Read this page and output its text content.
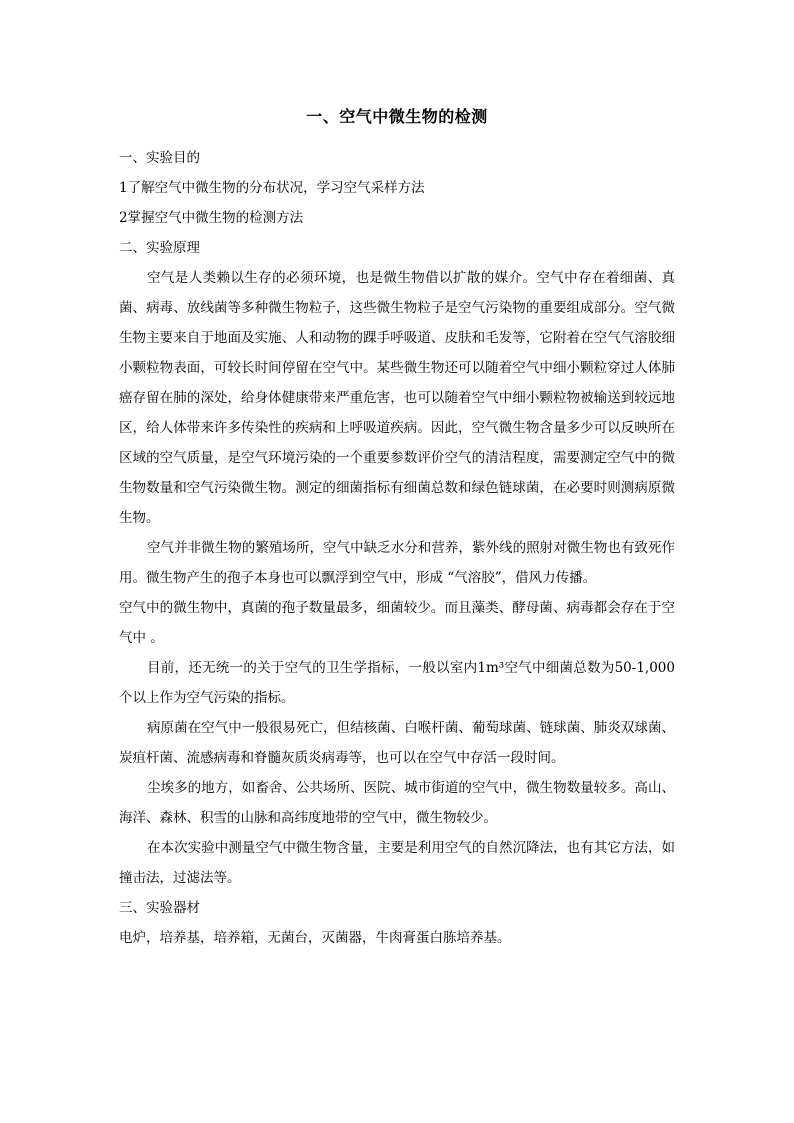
一、空气中微生物的检测

一、实验目的

1了解空气中微生物的分布状况，学习空气采样方法

2掌握空气中微生物的检测方法

二、实验原理

空气是人类赖以生存的必须环境，也是微生物借以扩散的媒介。空气中存在着细菌、真菌、病毒、放线菌等多种微生物粒子，这些微生物粒子是空气污染物的重要组成部分。空气微生物主要来自于地面及实施、人和动物的踝手呼吸道、皮肤和毛发等，它附着在空气气溶胶细小颗粒物表面，可较长时间停留在空气中。某些微生物还可以随着空气中细小颗粒穿过人体肺癌存留在肺的深处，给身体健康带来严重危害，也可以随着空气中细小颗粒物被输送到较远地区，给人体带来许多传染性的疾病和上呼吸道疾病。因此，空气微生物含量多少可以反映所在区域的空气质量，是空气环境污染的一个重要参数评价空气的清洁程度，需要测定空气中的微生物数量和空气污染微生物。测定的细菌指标有细菌总数和绿色链球菌，在必要时则测病原微生物。

空气并非微生物的繁殖场所，空气中缺乏水分和营养，紫外线的照射对微生物也有致死作用。微生物产生的孢子本身也可以飘浮到空气中，形成 “气溶胶”，借风力传播。

空气中的微生物中，真菌的孢子数量最多，细菌较少。而且藻类、酵母菌、病毒都会存在于空气中 。

目前，还无统一的关于空气的卫生学指标，一般以室内1m³空气中细菌总数为50-1,000个以上作为空气污染的指标。

病原菌在空气中一般很易死亡，但结核菌、白喉杆菌、葡萄球菌、链球菌、肺炎双球菌、炭疽杆菌、流感病毒和脊髓灰质炎病毒等，也可以在空气中存活一段时间。

尘埃多的地方，如畜舍、公共场所、医院、城市街道的空气中，微生物数量较多。高山、海洋、森林、积雪的山脉和高纬度地带的空气中，微生物较少。

在本次实验中测量空气中微生物含量，主要是利用空气的自然沉降法，也有其它方法，如撞击法，过滤法等。

三、实验器材

电炉，培养基，培养箱，无菌台，灭菌器，牛肉膏蛋白胨培养基。
